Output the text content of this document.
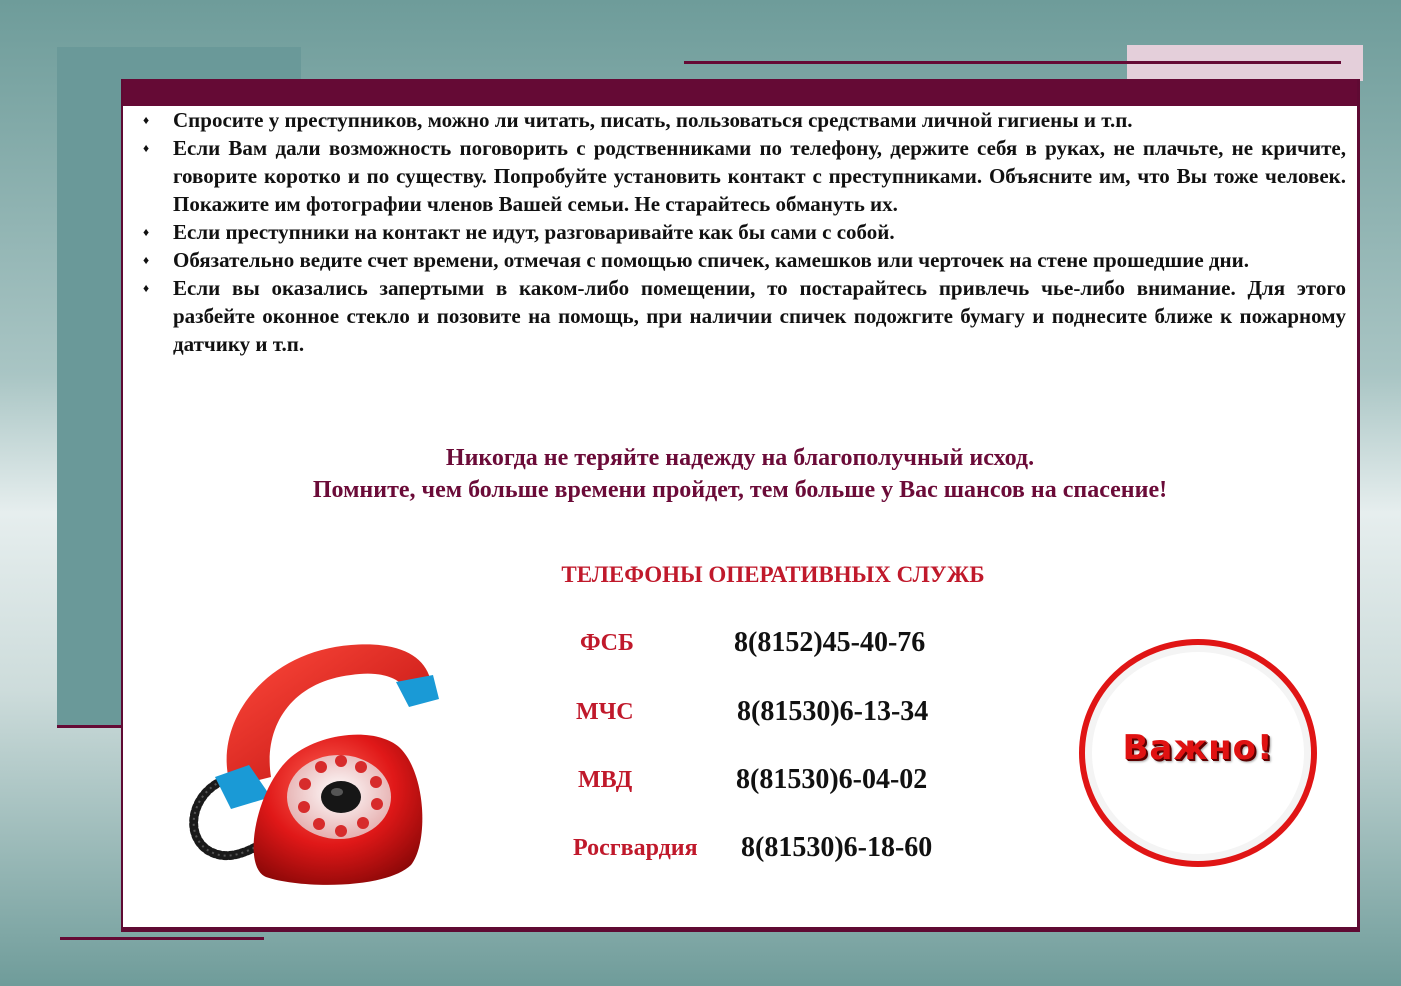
♦ Спросите у преступников, можно ли читать, писать, пользоваться средствами личной гигиены и т.п.
♦ Если Вам дали возможность поговорить с родственниками по телефону, держите себя в руках, не плачьте, не кричите, говорите коротко и по существу. Попробуйте установить контакт с преступниками. Объясните им, что Вы тоже человек. Покажите им фотографии членов Вашей семьи. Не старайтесь обмануть их.
♦ Если преступники на контакт не идут, разговаривайте как бы сами с собой.
♦ Обязательно ведите счет времени, отмечая с помощью спичек, камешков или черточек на стене прошедшие дни.
♦ Если вы оказались запертыми в каком-либо помещении, то постарайтесь привлечь чье-либо внимание. Для этого разбейте оконное стекло и позовите на помощь, при наличии спичек подожгите бумагу и поднесите ближе к пожарному датчику и т.п.
Никогда не теряйте надежду на благополучный исход.
Помните, чем больше времени пройдет, тем больше у Вас шансов на спасение!
ТЕЛЕФОНЫ ОПЕРАТИВНЫХ СЛУЖБ
ФСБ	8(8152)45-40-76
МЧС	8(81530)6-13-34
МВД	8(81530)6-04-02
Росгвардия 8(81530)6-18-60
Важно!
